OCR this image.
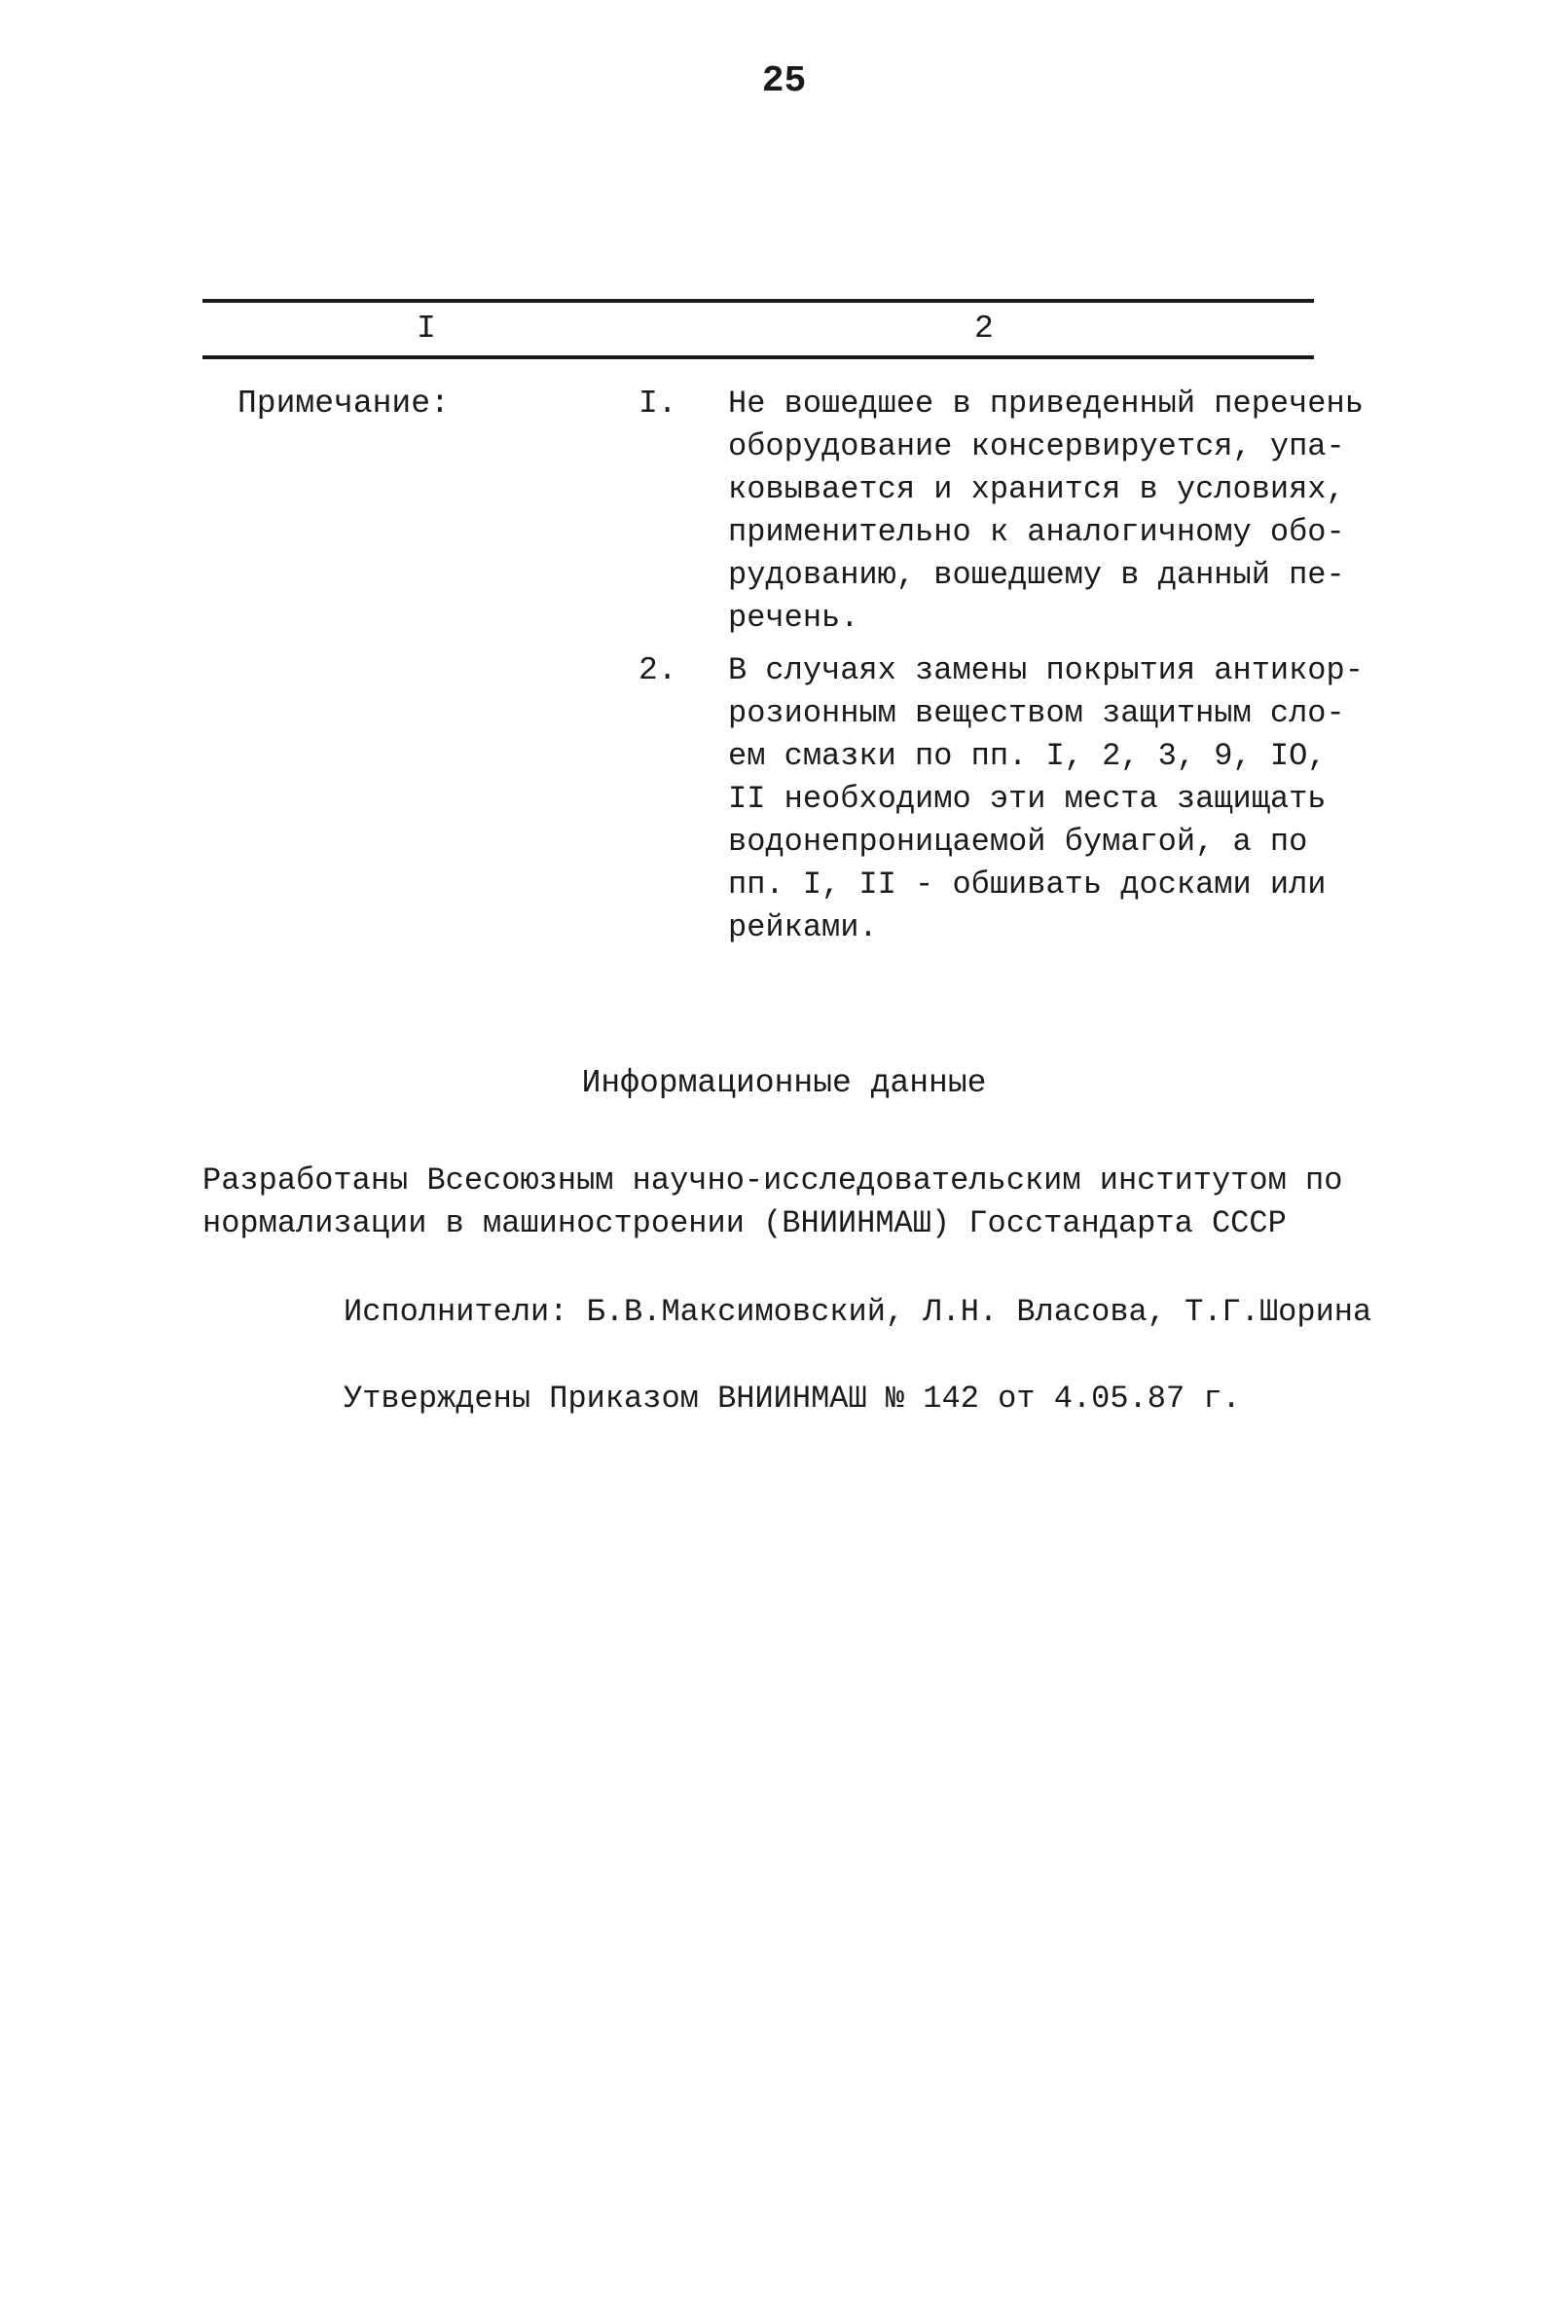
25
I	2
Примечание:	I. Не вошедшее в приведенный перечень
оборудование консервируется, упа-
ковывается и хранится в условиях,
применительно к аналогичному обо-
рудованию, вошедшему в данный пе-
речень.
2. В случаях замены покрытия антикор-
розионным веществом защитным сло-
ем смазки по пп. I, 2, 3, 9, IO,
II необходимо эти места защищать
водонепроницаемой бумагой, а по
пп. I, II - обшивать досками или
рейками.
Информационные данные
Разработаны Всесоюзным научно-исследовательским институтом по
нормализации в машиностроении (ВНИИНМАШ) Госстандарта СССР
Исполнители: Б.В.Максимовский, Л.Н. Власова, Т.Г.Шорина
Утверждены Приказом ВНИИНМАШ № 142 от 4.05.87 г.
